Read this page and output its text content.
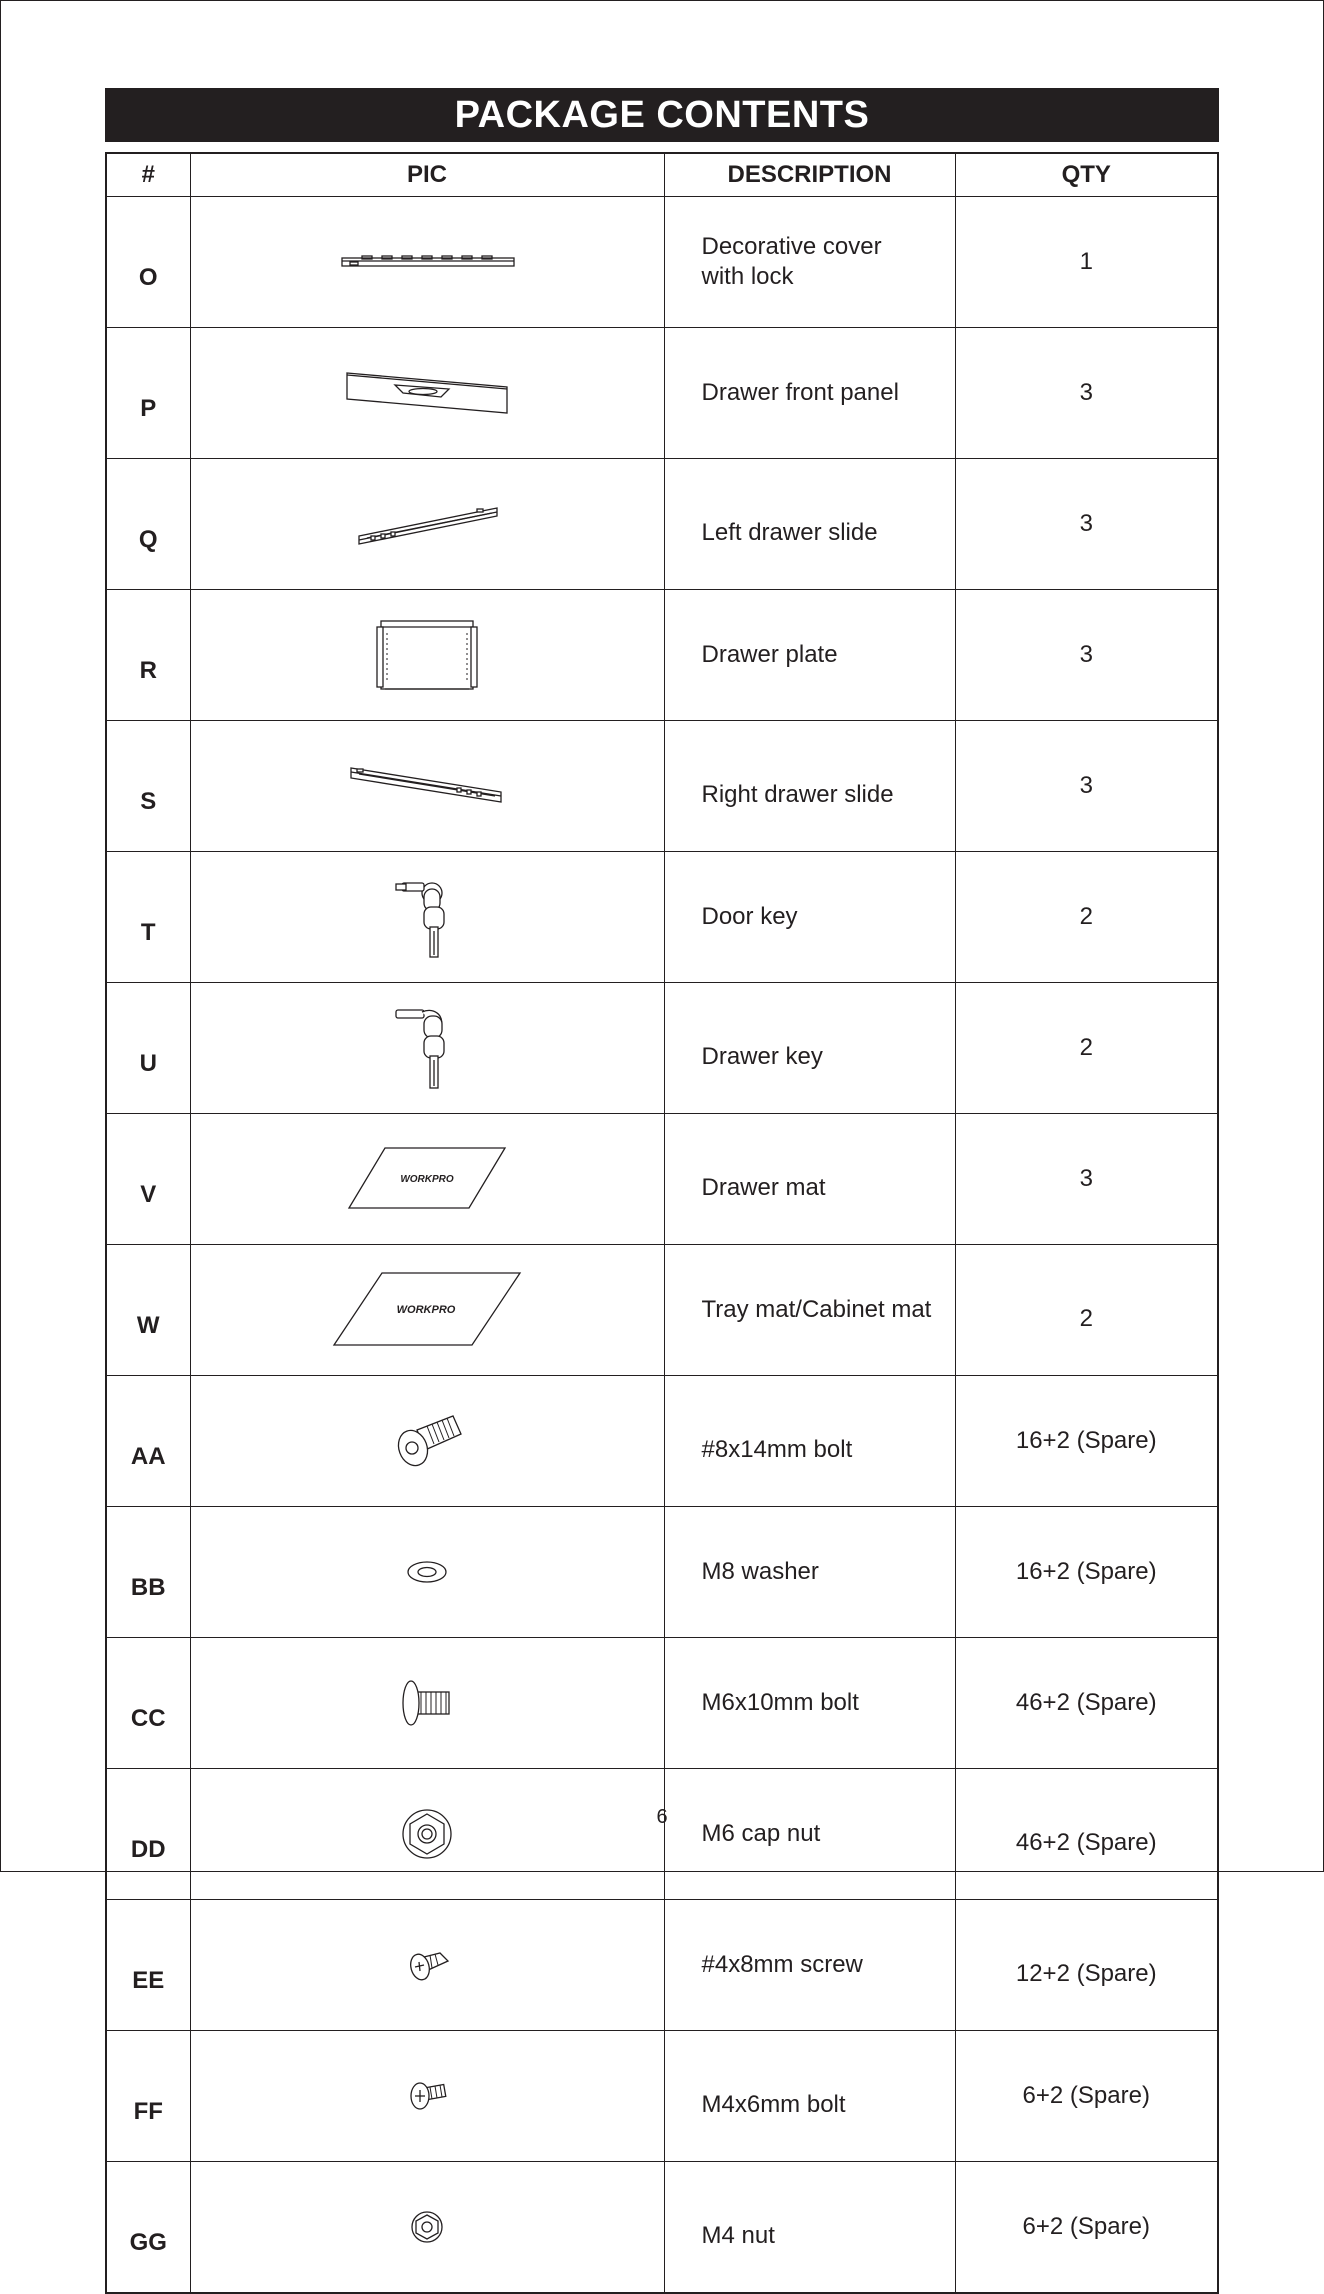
PACKAGE CONTENTS
#	PIC	DESCRIPTION	QTY
O		Decorative cover with lock	1
P		Drawer front panel	3
Q		Left drawer slide	3
R		Drawer plate	3
S		Right drawer slide	3
T		Door key	2
U		Drawer key	2
V	WORKPRO	Drawer mat	3
W	WORKPRO	Tray mat/Cabinet mat	2
AA		#8x14mm bolt	16+2 (Spare)
BB		M8 washer	16+2 (Spare)
CC		M6x10mm bolt	46+2 (Spare)
DD		M6 cap nut	46+2 (Spare)
EE		#4x8mm screw	12+2 (Spare)
FF		M4x6mm bolt	6+2 (Spare)
GG		M4 nut	6+2 (Spare)
6
